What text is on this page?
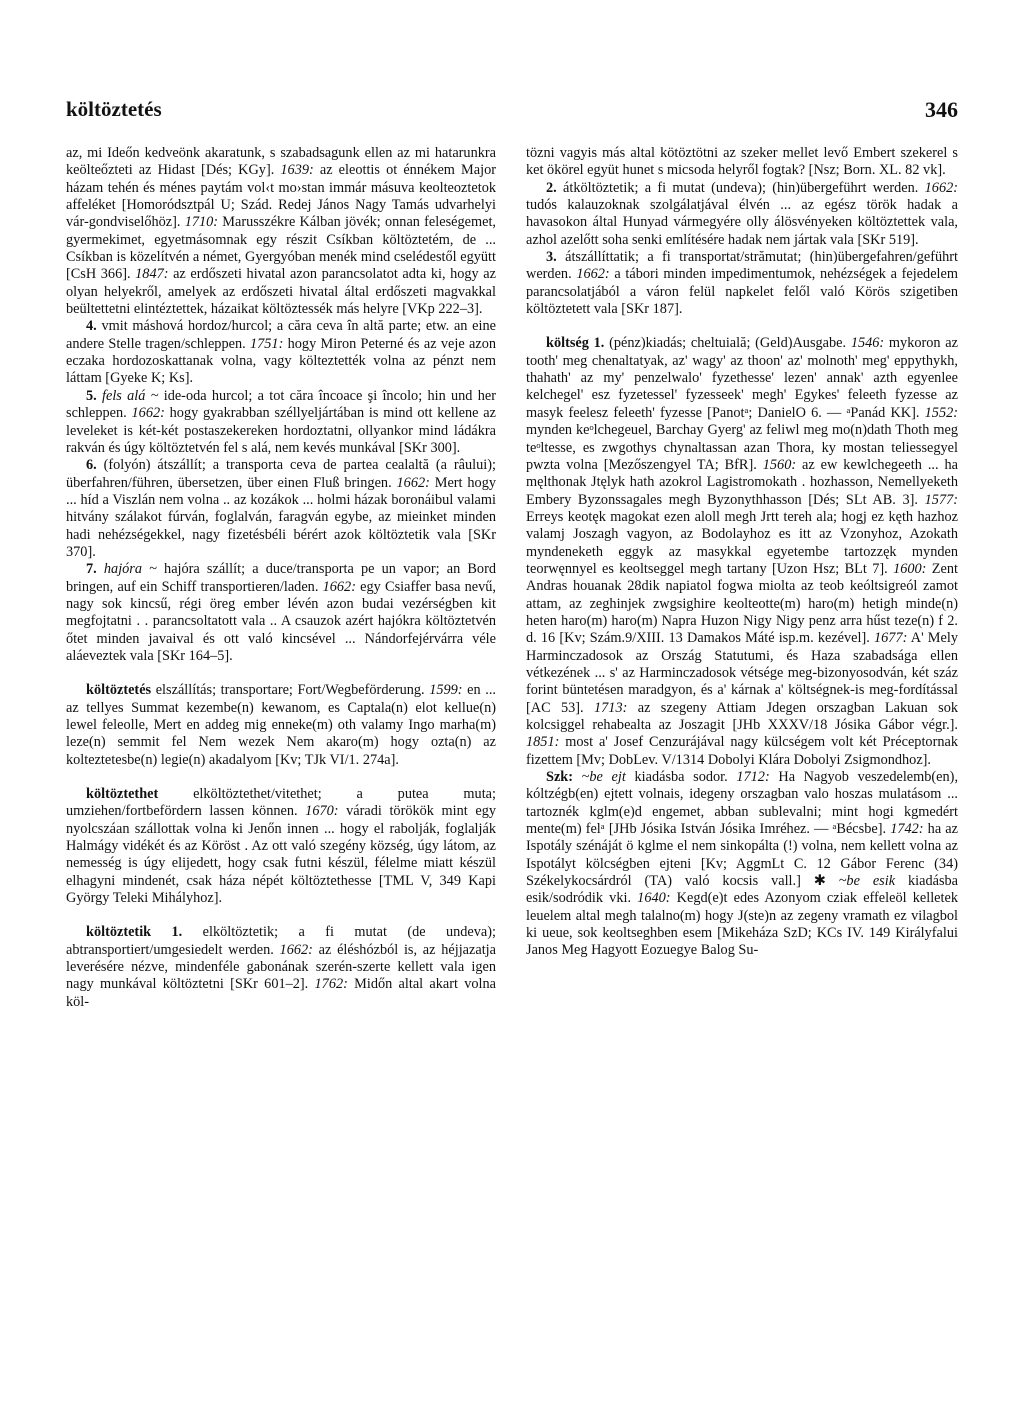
költöztetés	346

az, mi Ideőn kedveönk akaratunk, s szabadsagunk ellen az mi hatarunkra keölteőzteti az Hidast [Dés; KGy]. 1639: az eleottis ot énnékem Major házam tehén és ménes paytám vol‹t mo›stan immár másuva keolteoztetok affeléket [Homoródsztpál U; Szád. Redej János Nagy Tamás udvarhelyi vár-gondviselőhöz]. 1710: Marusszékre Kálban jövék; onnan feleségemet, gyermekimet, egyetmásomnak egy részit Csíkban költöztetém, de ... Csíkban is közelítvén a német, Gyergyóban menék mind cselédestől együtt [CsH 366]. 1847: az erdőszeti hivatal azon parancsolatot adta ki, hogy az olyan helyekről, amelyek az erdőszeti hivatal által erdőszeti magvakkal beültettetni elintéztettek, házaikat költöztessék más helyre [VKp 222–3].

4. vmit máshová hordoz/hurcol; a căra ceva în altă parte; etw. an eine andere Stelle tragen/schleppen. 1751: hogy Miron Peterné és az veje azon eczaka hordozoskattanak volna, vagy költeztették volna az pénzt nem láttam [Gyeke K; Ks].

5. fels alá ~ ide-oda hurcol; a tot căra încoace şi încolo; hin und her schleppen. 1662: hogy gyakrabban széllyeljártában is mind ott kellene az leveleket is két-két postaszekereken hordoztatni, ollyankor mind ládákra rakván és úgy költöztetvén fel s alá, nem kevés munkával [SKr 300].

6. (folyón) átszállít; a transporta ceva de partea cealaltă (a râului); überfahren/führen, übersetzen, über einen Fluß bringen. 1662: Mert hogy ... híd a Viszlán nem volna .. az kozákok ... holmi házak boronáibul valami hitvány szálakot fúrván, foglalván, faragván egybe, az mieinket minden hadi nehézségekkel, nagy fizetésbéli bérért azok költöztetik vala [SKr 370].

7. hajóra ~ hajóra szállít; a duce/transporta pe un vapor; an Bord bringen, auf ein Schiff transportieren/laden. 1662: egy Csiaffer basa nevű, nagy sok kincsű, régi öreg ember lévén azon budai vezérségben kit megfojtatni . . parancsoltatott vala .. A csauzok azért hajókra költöztetvén őtet minden javaival és ott való kincsével ... Nándorfejérvárra véle aláeveztek vala [SKr 164–5].

költöztetés elszállítás; transportare; Fort/Wegbeförderung. 1599: en ... az tellyes Summat kezembe(n) kewanom, es Captala(n) elot kellue(n) lewel feleolle, Mert en addeg mig enneke(m) oth valamy Ingo marha(m) leze(n) semmit fel Nem wezek Nem akaro(m) hogy ozta(n) az kolteztetesbe(n) legie(n) akadalyom [Kv; TJk VI/1. 274a].

költöztethet elköltöztethet/vitethet; a putea muta; umziehen/fortbefördern lassen können. 1670: váradi törökök mint egy nyolcszáan szállottak volna ki Jenőn innen ... hogy el rabolják, foglalják Halmágy vidékét és az Köröst . Az ott való szegény község, úgy látom, az nemesség is úgy elijedett, hogy csak futni készül, félelme miatt készül elhagyni mindenét, csak háza népét költöztethesse [TML V, 349 Kapi György Teleki Mihályhoz].

költöztetik 1. elköltöztetik; a fi mutat (de undeva); abtransportiert/umgesiedelt werden. 1662: az éléshózból is, az héjjazatja leverésére nézve, mindenféle gabonának szerén-szerte kellett vala igen nagy munkával költöztetni [SKr 601–2]. 1762: Midőn altal akart volna köl-

tözni vagyis más altal kötöztötni az szeker mellet levő Embert szekerel s ket ökörel együt hunet s micsoda helyről fogtak? [Nsz; Born. XL. 82 vk].

2. átköltöztetik; a fi mutat (undeva); (hin)übergeführt werden. 1662: tudós kalauzoknak szolgálatjával élvén ... az egész török hadak a havasokon által Hunyad vármegyére olly álösvényeken költöztettek vala, azhol azelőtt soha senki említésére hadak nem jártak vala [SKr 519].

3. átszállíttatik; a fi transportat/strămutat; (hin)übergefahren/geführt werden. 1662: a tábori minden impedimentumok, nehézségek a fejedelem parancsolatjából a váron felül napkelet felől való Körös szigetiben költöztetett vala [SKr 187].

költség 1. (pénz)kiadás; cheltuială; (Geld)Ausgabe. 1546: mykoron az tooth' meg chenaltatyak, az' wagy' az thoon' az' molnoth' meg' eppythykh, thahath' az my' penzelwalo' fyzethesse' lezen' annak' azth egyenlee kelchegel' esz fyzetessel' fyzesseek' megh' Egykes' feleeth fyzesse az masyk feelesz feleeth' fyzesse [Panotᵃ; DanielO 6. — ᵃPanád KK]. 1552: mynden keᵒlchegeuel, Barchay Gyerg' az feliwl meg mo(n)dath Thoth meg teᵒltesse, es zwgothys chynaltassan azan Thora, ky mostan teliessegyel pwzta volna [Mezőszengyel TA; BfR]. 1560: az ew kewlchegeeth ... ha męlthonak Jtęlyk hath azokrol Lagistromokath . hozhasson, Nemellyeketh Embery Byzonssagales megh Byzonythhasson [Dés; SLt AB. 3]. 1577: Erreys keotęk magokat ezen aloll megh Jrtt tereh ala; hogj ez kęth hazhoz valamj Joszagh vagyon, az Bodolayhoz es itt az Vzonyhoz, Azokath myndeneketh eggyk az masykkal egyetembe tartozzęk mynden teorwęnnyel es keoltseggel megh tartany [Uzon Hsz; BLt 7]. 1600: Zent Andras houanak 28dik napiatol fogwa miolta az teob keóltsigreól zamot attam, az zeghinjek zwgsighire keolteotte(m) haro(m) hetigh minde(n) heten haro(m) haro(m) Napra Huzon Nigy Nigy penz arra hűst teze(n) f 2. d. 16 [Kv; Szám.9/XIII. 13 Damakos Máté isp.m. kezével]. 1677: A' Mely Harminczadosok az Ország Statutumi, és Haza szabadsága ellen vétkezének ... s' az Harminczadosok vétsége meg-bizonyosodván, két száz forint büntetésen maradgyon, és a' kárnak a' költségnek-is meg-fordítással [AC 53]. 1713: az szegeny Attiam Jdegen orszagban Lakuan sok kolcsiggel rehabealta az Joszagit [JHb XXXV/18 Jósika Gábor végr.]. 1851: most a' Josef Cenzurájával nagy külcségem volt két Préceptornak fizettem [Mv; DobLev. V/1314 Dobolyi Klára Dobolyi Zsigmondhoz].

Szk: ~be ejt kiadásba sodor. 1712: Ha Nagyob veszedelemb(en), kóltzégb(en) ejtett volnais, idegeny orszagban valo hoszas mulatásom ... tartoznék kglm(e)d engemet, abban sublevalni; mint hogi kgmedért mente(m) felᵃ [JHb Jósika István Jósika Imréhez. — ᵃBécsbe]. 1742: ha az Ispotály szénáját ö kglme el nem sinkopálta (!) volna, nem kellett volna az Ispotályt kölcségben ejteni [Kv; AggmLt C. 12 Gábor Ferenc (34) Székelykocsárdról (TA) való kocsis vall.] ✱ ~be esik kiadásba esik/sodródik vki. 1640: Kegd(e)t edes Azonyom cziak effeleöl kelletek leuelem altal megh talalno(m) hogy J(ste)n az zegeny vramath ez vilagbol ki ueue, sok keoltseghben esem [Mikeháza SzD; KCs IV. 149 Királyfalui Janos Meg Hagyott Eozuegye Balog Su-
